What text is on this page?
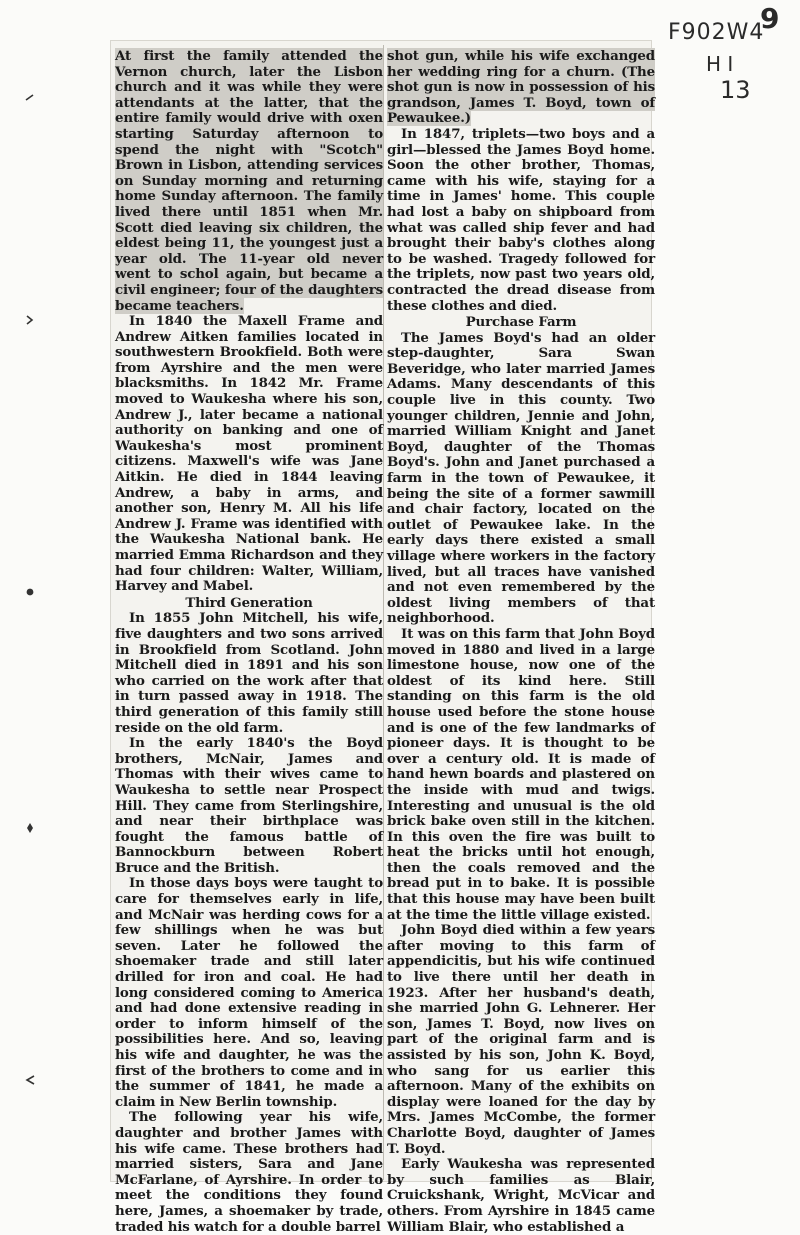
9
F902W4
H I
13

At first the family attended the Vernon church, later the Lisbon church and it was while they were attendants at the latter, that the entire family would drive with oxen starting Saturday afternoon to spend the night with "Scotch" Brown in Lisbon, attending services on Sunday morning and returning home Sunday afternoon. The family lived there until 1851 when Mr. Scott died leaving six children, the eldest being 11, the youngest just a year old. The 11-year old never went to schol again, but became a civil engineer; four of the daughters became teachers.

In 1840 the Maxell Frame and Andrew Aitken families located in southwestern Brookfield. Both were from Ayrshire and the men were blacksmiths. In 1842 Mr. Frame moved to Waukesha where his son, Andrew J., later became a national authority on banking and one of Waukesha's most prominent citizens. Maxwell's wife was Jane Aitkin. He died in 1844 leaving Andrew, a baby in arms, and another son, Henry M. All his life Andrew J. Frame was identified with the Waukesha National bank. He married Emma Richardson and they had four children: Walter, William, Harvey and Mabel.

Third Generation

In 1855 John Mitchell, his wife, five daughters and two sons arrived in Brookfield from Scotland. John Mitchell died in 1891 and his son who carried on the work after that in turn passed away in 1918. The third generation of this family still reside on the old farm.

In the early 1840's the Boyd brothers, McNair, James and Thomas with their wives came to Waukesha to settle near Prospect Hill. They came from Sterlingshire, and near their birthplace was fought the famous battle of Bannockburn between Robert Bruce and the British.

In those days boys were taught to care for themselves early in life, and McNair was herding cows for a few shillings when he was but seven. Later he followed the shoemaker trade and still later drilled for iron and coal. He had long considered coming to America and had done extensive reading in order to inform himself of the possibilities here. And so, leaving his wife and daughter, he was the first of the brothers to come and in the summer of 1841, he made a claim in New Berlin township.

The following year his wife, daughter and brother James with his wife came. These brothers had married sisters, Sara and Jane McFarlane, of Ayrshire. In order to meet the conditions they found here, James, a shoemaker by trade, traded his watch for a double barrel

shot gun, while his wife exchanged her wedding ring for a churn. (The shot gun is now in possession of his grandson, James T. Boyd, town of Pewaukee.)

In 1847, triplets—two boys and a girl—blessed the James Boyd home. Soon the other brother, Thomas, came with his wife, staying for a time in James' home. This couple had lost a baby on shipboard from what was called ship fever and had brought their baby's clothes along to be washed. Tragedy followed for the triplets, now past two years old, contracted the dread disease from these clothes and died.

Purchase Farm

The James Boyd's had an older step-daughter, Sara Swan Beveridge, who later married James Adams. Many descendants of this couple live in this county. Two younger children, Jennie and John, married William Knight and Janet Boyd, daughter of the Thomas Boyd's. John and Janet purchased a farm in the town of Pewaukee, it being the site of a former sawmill and chair factory, located on the outlet of Pewaukee lake. In the early days there existed a small village where workers in the factory lived, but all traces have vanished and not even remembered by the oldest living members of that neighborhood.

It was on this farm that John Boyd moved in 1880 and lived in a large limestone house, now one of the oldest of its kind here. Still standing on this farm is the old house used before the stone house and is one of the few landmarks of pioneer days. It is thought to be over a century old. It is made of hand hewn boards and plastered on the inside with mud and twigs. Interesting and unusual is the old brick bake oven still in the kitchen. In this oven the fire was built to heat the bricks until hot enough, then the coals removed and the bread put in to bake. It is possible that this house may have been built at the time the little village existed.

John Boyd died within a few years after moving to this farm of appendicitis, but his wife continued to live there until her death in 1923. After her husband's death, she married John G. Lehnerer. Her son, James T. Boyd, now lives on part of the original farm and is assisted by his son, John K. Boyd, who sang for us earlier this afternoon. Many of the exhibits on display were loaned for the day by Mrs. James McCombe, the former Charlotte Boyd, daughter of James T. Boyd.

Early Waukesha was represented by such families as Blair, Cruickshank, Wright, McVicar and others. From Ayrshire in 1845 came William Blair, who established a
